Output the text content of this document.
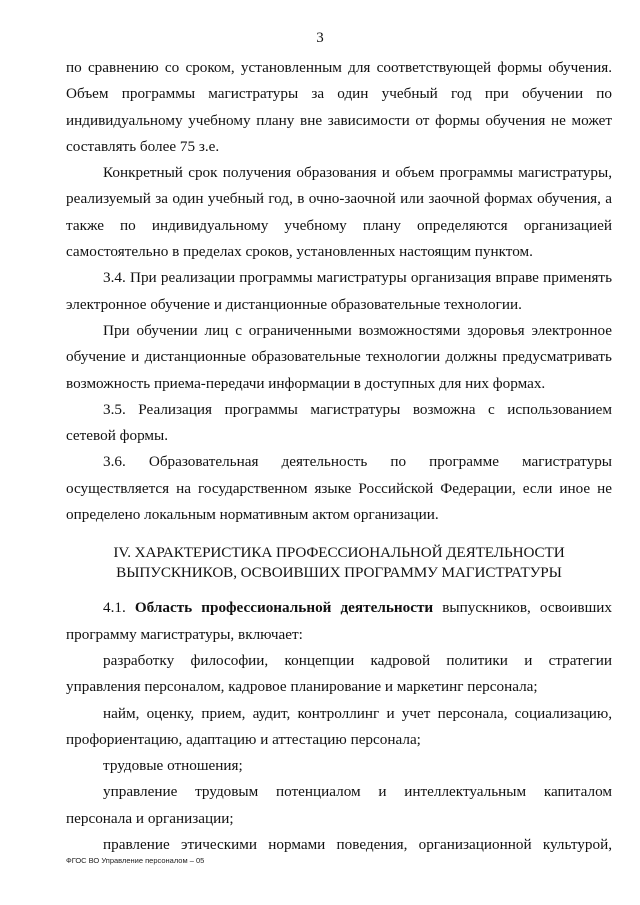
3

по сравнению со сроком, установленным для соответствующей формы обучения. Объем программы магистратуры за один учебный год при обучении по индивидуальному учебному плану вне зависимости от формы обучения не может составлять более 75 з.е.

Конкретный срок получения образования и объем программы магистратуры, реализуемый за один учебный год, в очно-заочной или заочной формах обучения, а также по индивидуальному учебному плану определяются организацией самостоятельно в пределах сроков, установленных настоящим пунктом.

3.4. При реализации программы магистратуры организация вправе применять электронное обучение и дистанционные образовательные технологии.

При обучении лиц с ограниченными возможностями здоровья электронное обучение и дистанционные образовательные технологии должны предусматривать возможность приема-передачи информации в доступных для них формах.

3.5. Реализация программы магистратуры возможна с использованием сетевой формы.

3.6. Образовательная деятельность по программе магистратуры осуществляется на государственном языке Российской Федерации, если иное не определено локальным нормативным актом организации.

IV. ХАРАКТЕРИСТИКА ПРОФЕССИОНАЛЬНОЙ ДЕЯТЕЛЬНОСТИ
ВЫПУСКНИКОВ, ОСВОИВШИХ ПРОГРАММУ МАГИСТРАТУРЫ

4.1. Область профессиональной деятельности выпускников, освоивших программу магистратуры, включает:

разработку философии, концепции кадровой политики и стратегии управления персоналом, кадровое планирование и маркетинг персонала;

найм, оценку, прием, аудит, контроллинг и учет персонала, социализацию, профориентацию, адаптацию и аттестацию персонала;

трудовые отношения;

управление трудовым потенциалом и интеллектуальным капиталом персонала и организации;

правление этическими нормами поведения, организационной культурой,

ФГОС ВО Управление персоналом – 05
